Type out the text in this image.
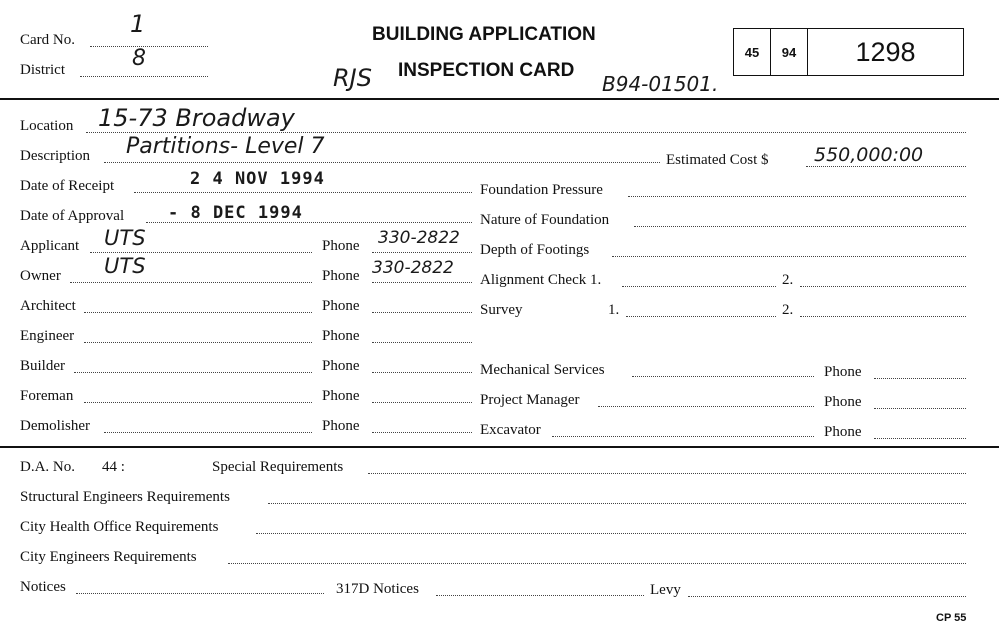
Card No.
1
District	8
RJS
BUILDING APPLICATION
INSPECTION CARD
B94-01501.
45	94	1298
Location 15-73 Broadway
Description Partitions- Level 7
Estimated Cost $ 550,000:00
Date of Receipt	2 4 NOV 1994
Date of Approval	- 8 DEC 1994
Applicant UTS	Phone 330-2822
Owner UTS	Phone 330-2822
Architect	Phone
Engineer	Phone
Builder	Phone
Foreman	Phone
Demolisher	Phone
Foundation Pressure
Nature of Foundation
Depth of Footings
Alignment Check 1.	2.
Survey	1.	2.
Mechanical Services	Phone
Project Manager	Phone
Excavator	Phone
D.A. No. 44 :	Special Requirements
Structural Engineers Requirements
City Health Office Requirements
City Engineers Requirements
Notices	317D Notices	Levy
CP 55
